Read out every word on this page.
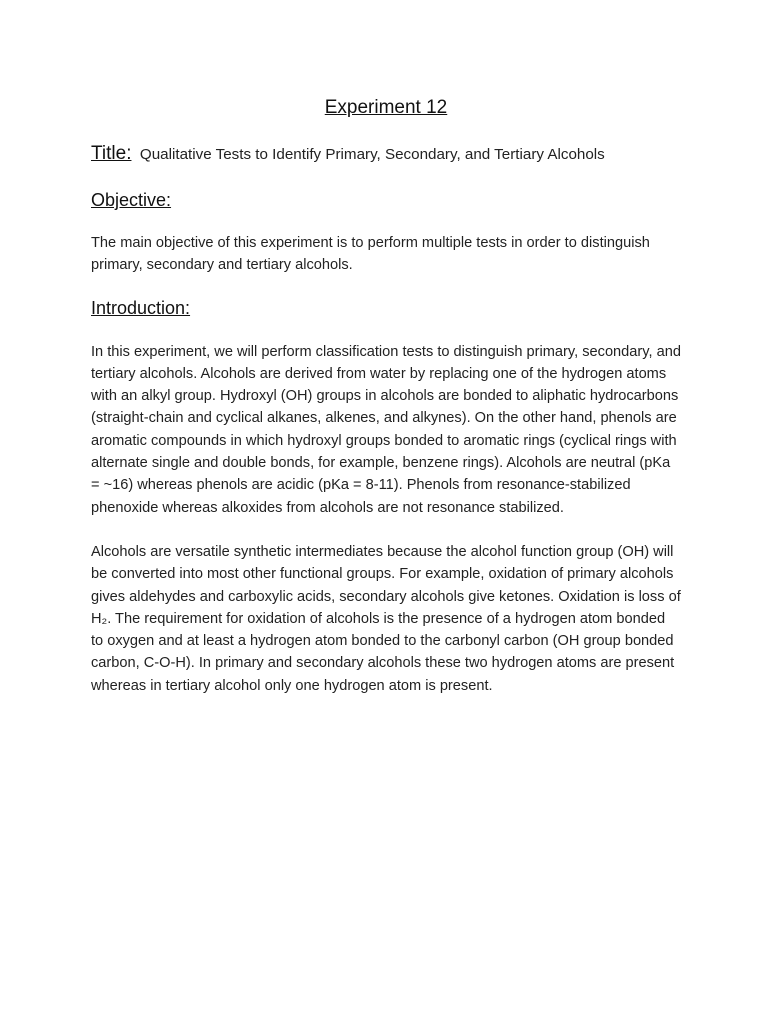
Experiment 12
Title: Qualitative Tests to Identify Primary, Secondary, and Tertiary Alcohols
Objective:

The main objective of this experiment is to perform multiple tests in order to distinguish primary, secondary and tertiary alcohols.

Introduction:

In this experiment, we will perform classification tests to distinguish primary, secondary, and tertiary alcohols. Alcohols are derived from water by replacing one of the hydrogen atoms with an alkyl group. Hydroxyl (OH) groups in alcohols are bonded to aliphatic hydrocarbons (straight-chain and cyclical alkanes, alkenes, and alkynes). On the other hand, phenols are aromatic compounds in which hydroxyl groups bonded to aromatic rings (cyclical rings with alternate single and double bonds, for example, benzene rings). Alcohols are neutral (pKa = ~16) whereas phenols are acidic (pKa = 8-11). Phenols from resonance-stabilized phenoxide whereas alkoxides from alcohols are not resonance stabilized.

Alcohols are versatile synthetic intermediates because the alcohol function group (OH) will be converted into most other functional groups. For example, oxidation of primary alcohols gives aldehydes and carboxylic acids, secondary alcohols give ketones. Oxidation is loss of H₂. The requirement for oxidation of alcohols is the presence of a hydrogen atom bonded to oxygen and at least a hydrogen atom bonded to the carbonyl carbon (OH group bonded carbon, C-O-H). In primary and secondary alcohols these two hydrogen atoms are present whereas in tertiary alcohol only one hydrogen atom is present.
